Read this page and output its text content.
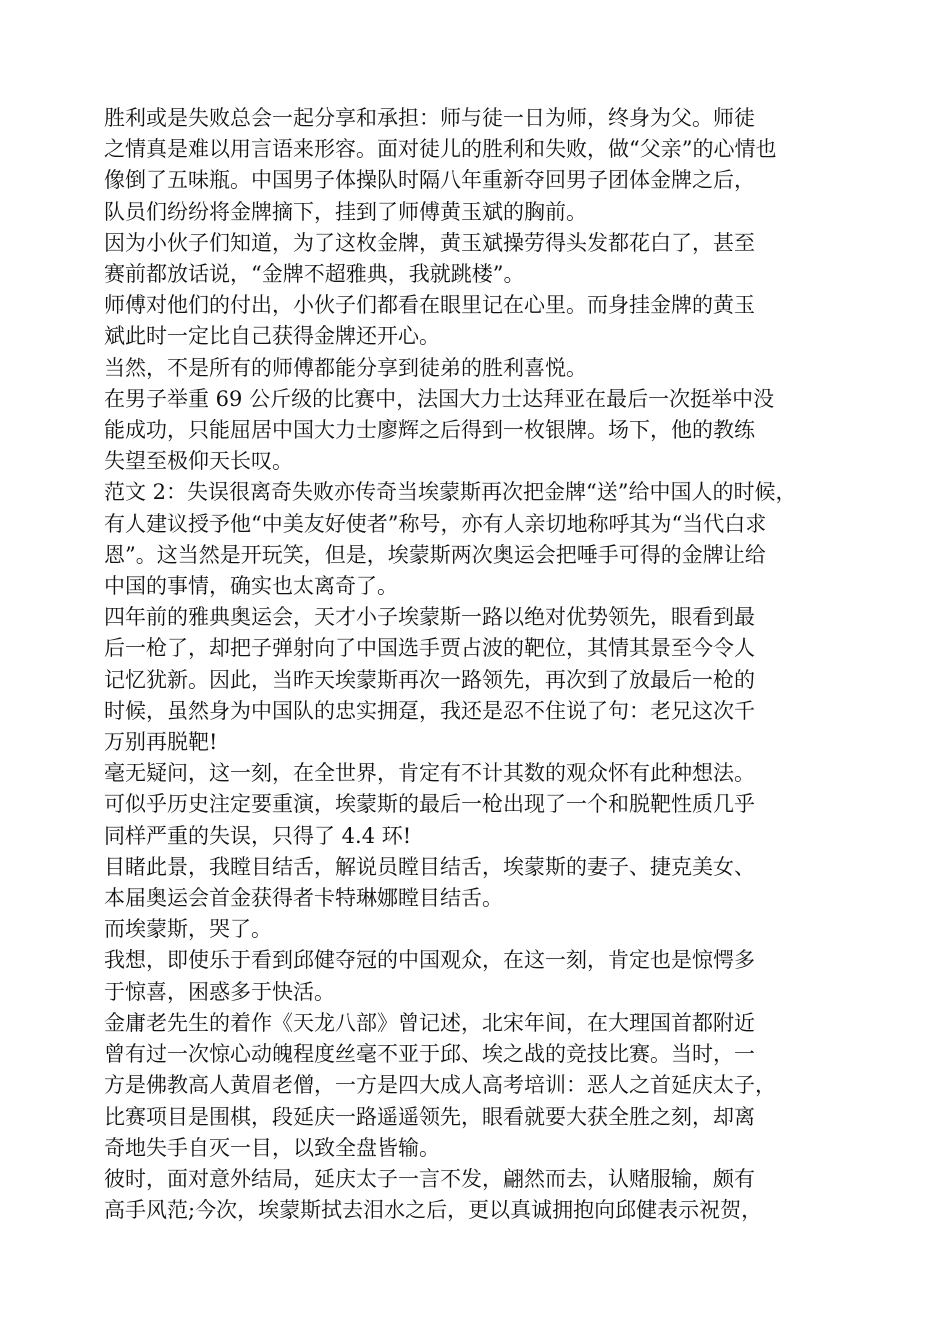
胜利或是失败总会一起分享和承担：师与徒一日为师，终身为父。师徒
之情真是难以用言语来形容。面对徒儿的胜利和失败，做“父亲”的心情也
像倒了五味瓶。中国男子体操队时隔八年重新夺回男子团体金牌之后，
队员们纷纷将金牌摘下，挂到了师傅黄玉斌的胸前。

因为小伙子们知道，为了这枚金牌，黄玉斌操劳得头发都花白了，甚至
赛前都放话说，“金牌不超雅典，我就跳楼”。

师傅对他们的付出，小伙子们都看在眼里记在心里。而身挂金牌的黄玉
斌此时一定比自己获得金牌还开心。

当然，不是所有的师傅都能分享到徒弟的胜利喜悦。

在男子举重 69 公斤级的比赛中，法国大力士达拜亚在最后一次挺举中没
能成功，只能屈居中国大力士廖辉之后得到一枚银牌。场下，他的教练
失望至极仰天长叹。

范文 2：失误很离奇失败亦传奇当埃蒙斯再次把金牌“送”给中国人的时候，
有人建议授予他“中美友好使者”称号，亦有人亲切地称呼其为“当代白求
恩”。这当然是开玩笑，但是，埃蒙斯两次奥运会把唾手可得的金牌让给
中国的事情，确实也太离奇了。

四年前的雅典奥运会，天才小子埃蒙斯一路以绝对优势领先，眼看到最
后一枪了，却把子弹射向了中国选手贾占波的靶位，其情其景至今令人
记忆犹新。因此，当昨天埃蒙斯再次一路领先，再次到了放最后一枪的
时候，虽然身为中国队的忠实拥趸，我还是忍不住说了句：老兄这次千
万别再脱靶!

毫无疑问，这一刻，在全世界，肯定有不计其数的观众怀有此种想法。

可似乎历史注定要重演，埃蒙斯的最后一枪出现了一个和脱靶性质几乎
同样严重的失误，只得了 4.4 环!

目睹此景，我瞠目结舌，解说员瞠目结舌，埃蒙斯的妻子、捷克美女、
本届奥运会首金获得者卡特琳娜瞠目结舌。

而埃蒙斯，哭了。

我想，即使乐于看到邱健夺冠的中国观众，在这一刻，肯定也是惊愕多
于惊喜，困惑多于快活。

金庸老先生的着作《天龙八部》曾记述，北宋年间，在大理国首都附近
曾有过一次惊心动魄程度丝毫不亚于邱、埃之战的竞技比赛。当时，一
方是佛教高人黄眉老僧，一方是四大成人高考培训：恶人之首延庆太子，
比赛项目是围棋，段延庆一路遥遥领先，眼看就要大获全胜之刻，却离
奇地失手自灭一目，以致全盘皆输。

彼时，面对意外结局，延庆太子一言不发，翩然而去，认赌服输，颇有
高手风范;今次，埃蒙斯拭去泪水之后，更以真诚拥抱向邱健表示祝贺，
